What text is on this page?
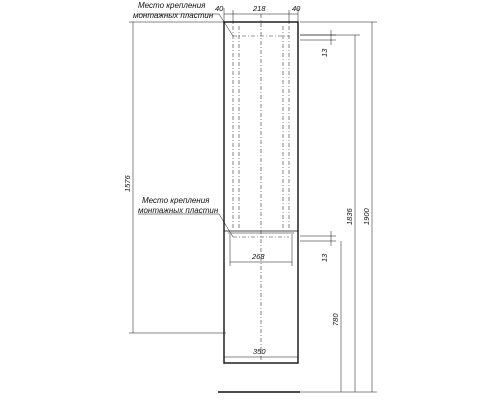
40	218	40
Место крепления
монтажных пластин
Место крепления
монтажных пластин
268
350
1576
13
13
780
1836 1900
